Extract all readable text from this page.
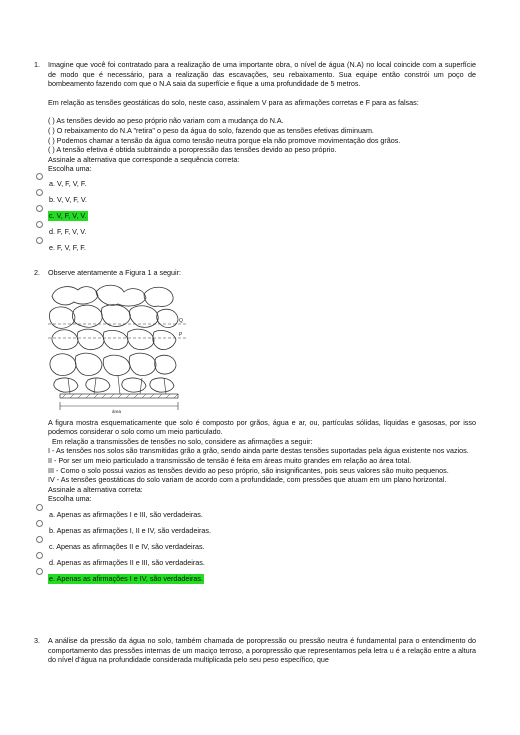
1. Imagine que você foi contratado para a realização de uma importante obra, o nível de água (N.A) no local coincide com a superfície de modo que é necessário, para a realização das escavações, seu rebaixamento. Sua equipe então constrói um poço de bombeamento fazendo com que o N.A saia da superfície e fique a uma profundidade de 5 metros.

Em relação as tensões geostáticas do solo, neste caso, assinalem V para as afirmações corretas e F para as falsas:

( ) As tensões devido ao peso próprio não variam com a mudança do N.A.

( ) O rebaixamento do N.A "retira" o peso da água do solo, fazendo que as tensões efetivas diminuam.

( ) Podemos chamar a tensão da água como tensão neutra porque ela não promove movimentação dos grãos.

( ) A tensão efetiva é obtida subtraindo a poropressão das tensões devido ao peso próprio.

Assinale a alternativa que corresponde a sequência correta:

Escolha uma:

a. V, F, V, F.
b. V, V, F, V.
c. V, F, V, V.
d. F, F, V, V.
e. F, V, F, F.
2. Observe atentamente a Figura 1 a seguir:

Q
P
área

A figura mostra esquematicamente que solo é composto por grãos, água e ar, ou, partículas sólidas, líquidas e gasosas, por isso podemos considerar o solo como um meio particulado.

Em relação a transmissões de tensões no solo, considere as afirmações a seguir:

I - As tensões nos solos são transmitidas grão a grão, sendo ainda parte destas tensões suportadas pela água existente nos vazios.

II - Por ser um meio particulado a transmissão de tensão é feita em áreas muito grandes em relação ao área total.

III - Como o solo possui vazios as tensões devido ao peso próprio, são insignificantes, pois seus valores são muito pequenos.

IV - As tensões geostáticas do solo variam de acordo com a profundidade, com pressões que atuam em um plano horizontal.

Assinale a alternativa correta:

Escolha uma:

a. Apenas as afirmações I e III, são verdadeiras.
b. Apenas as afirmações I, II e IV, são verdadeiras.
c. Apenas as afirmações II e IV, são verdadeiras.
d. Apenas as afirmações II e III, são verdadeiras.
e. Apenas as afirmações I e IV, são verdadeiras.
3. A análise da pressão da água no solo, também chamada de poropressão ou pressão neutra é fundamental para o entendimento do comportamento das pressões internas de um maciço terroso, a poropressão que representamos pela letra u é a relação entre a altura do nível d’água na profundidade considerada multiplicada pelo seu peso específico, que
